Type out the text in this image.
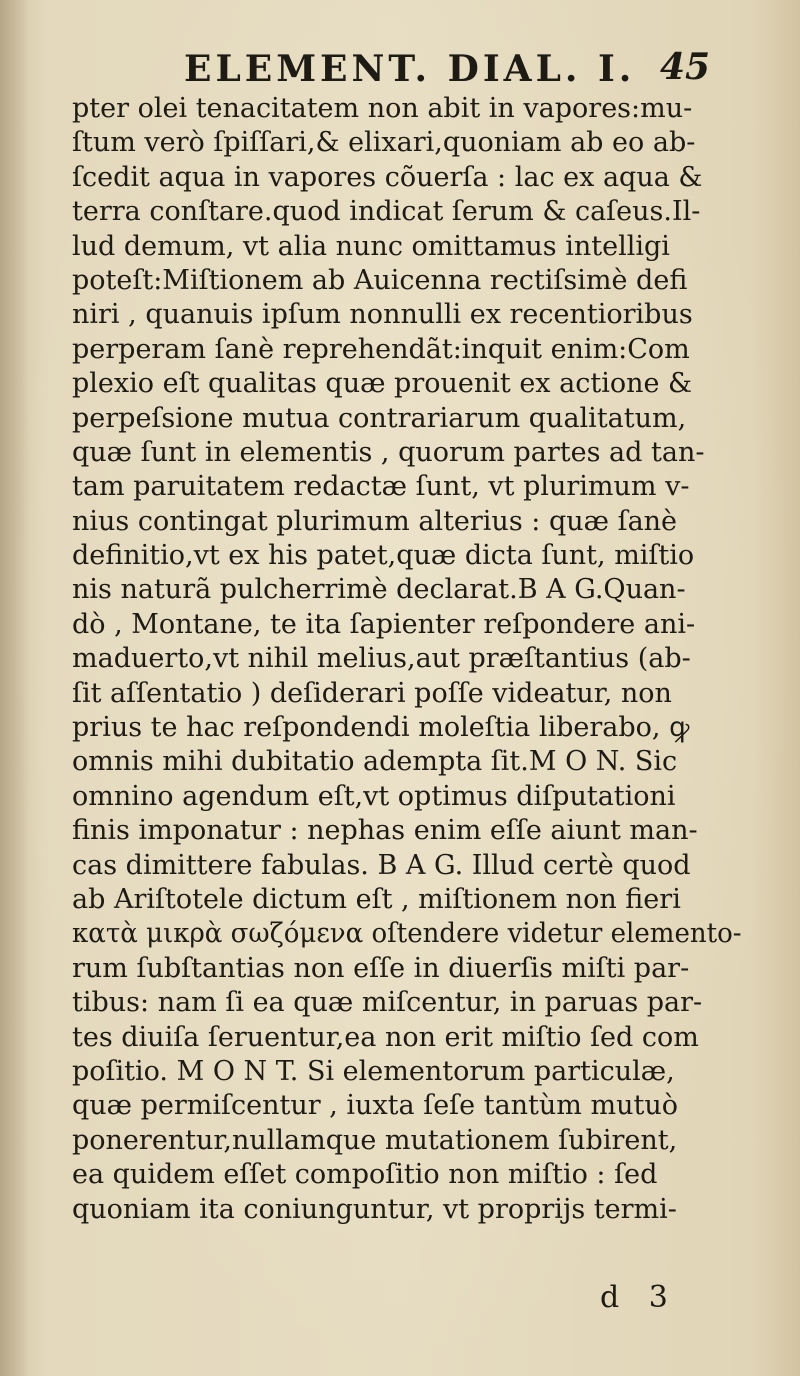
ELEMENT. DIAL. I. 45
pter olei tenacitatem non abit in vapores:mu-
ſtum verò ſpiſſari,& elixari,quoniam ab eo ab-
ſcedit aqua in vapores cõuerſa : lac ex aqua &
terra conſtare.quod indicat ſerum & caſeus.Il-
lud demum, vt alia nunc omittamus intelligi
poteſt:Miſtionem ab Auicenna rectiſsimè defi
niri , quanuis ipſum nonnulli ex recentioribus
perperam ſanè reprehendãt:inquit enim:Com
plexio eſt qualitas quæ prouenit ex actione &
perpeſsione mutua contrariarum qualitatum,
quæ ſunt in elementis , quorum partes ad tan-
tam paruitatem redactæ ſunt, vt plurimum v-
nius contingat plurimum alterius : quæ ſanè
definitio,vt ex his patet,quæ dicta ſunt, miſtio
nis naturã pulcherrimè declarat.B A G.Quan-
dò , Montane, te ita ſapienter reſpondere ani-
maduerto,vt nihil melius,aut præſtantius (ab-
ſit aſſentatio ) deſiderari poſſe videatur, non
prius te hac reſpondendi moleſtia liberabo, ꝙ
omnis mihi dubitatio adempta ſit.M O N. Sic
omnino agendum eſt,vt optimus diſputationi
finis imponatur : nephas enim eſſe aiunt man-
cas dimittere fabulas. B A G. Illud certè quod
ab Ariſtotele dictum eſt , miſtionem non fieri
κατὰ μικρὰ σωζόμενα oſtendere videtur elemento-
rum ſubſtantias non eſſe in diuerſis miſti par-
tibus: nam ſi ea quæ miſcentur, in paruas par-
tes diuiſa ſeruentur,ea non erit miſtio ſed com
poſitio. M O N T. Si elementorum particulæ,
quæ permiſcentur , iuxta ſeſe tantùm mutuò
ponerentur,nullamque mutationem ſubirent,
ea quidem eſſet compoſitio non miſtio : ſed
quoniam ita coniunguntur, vt proprijs termi-
d 3
